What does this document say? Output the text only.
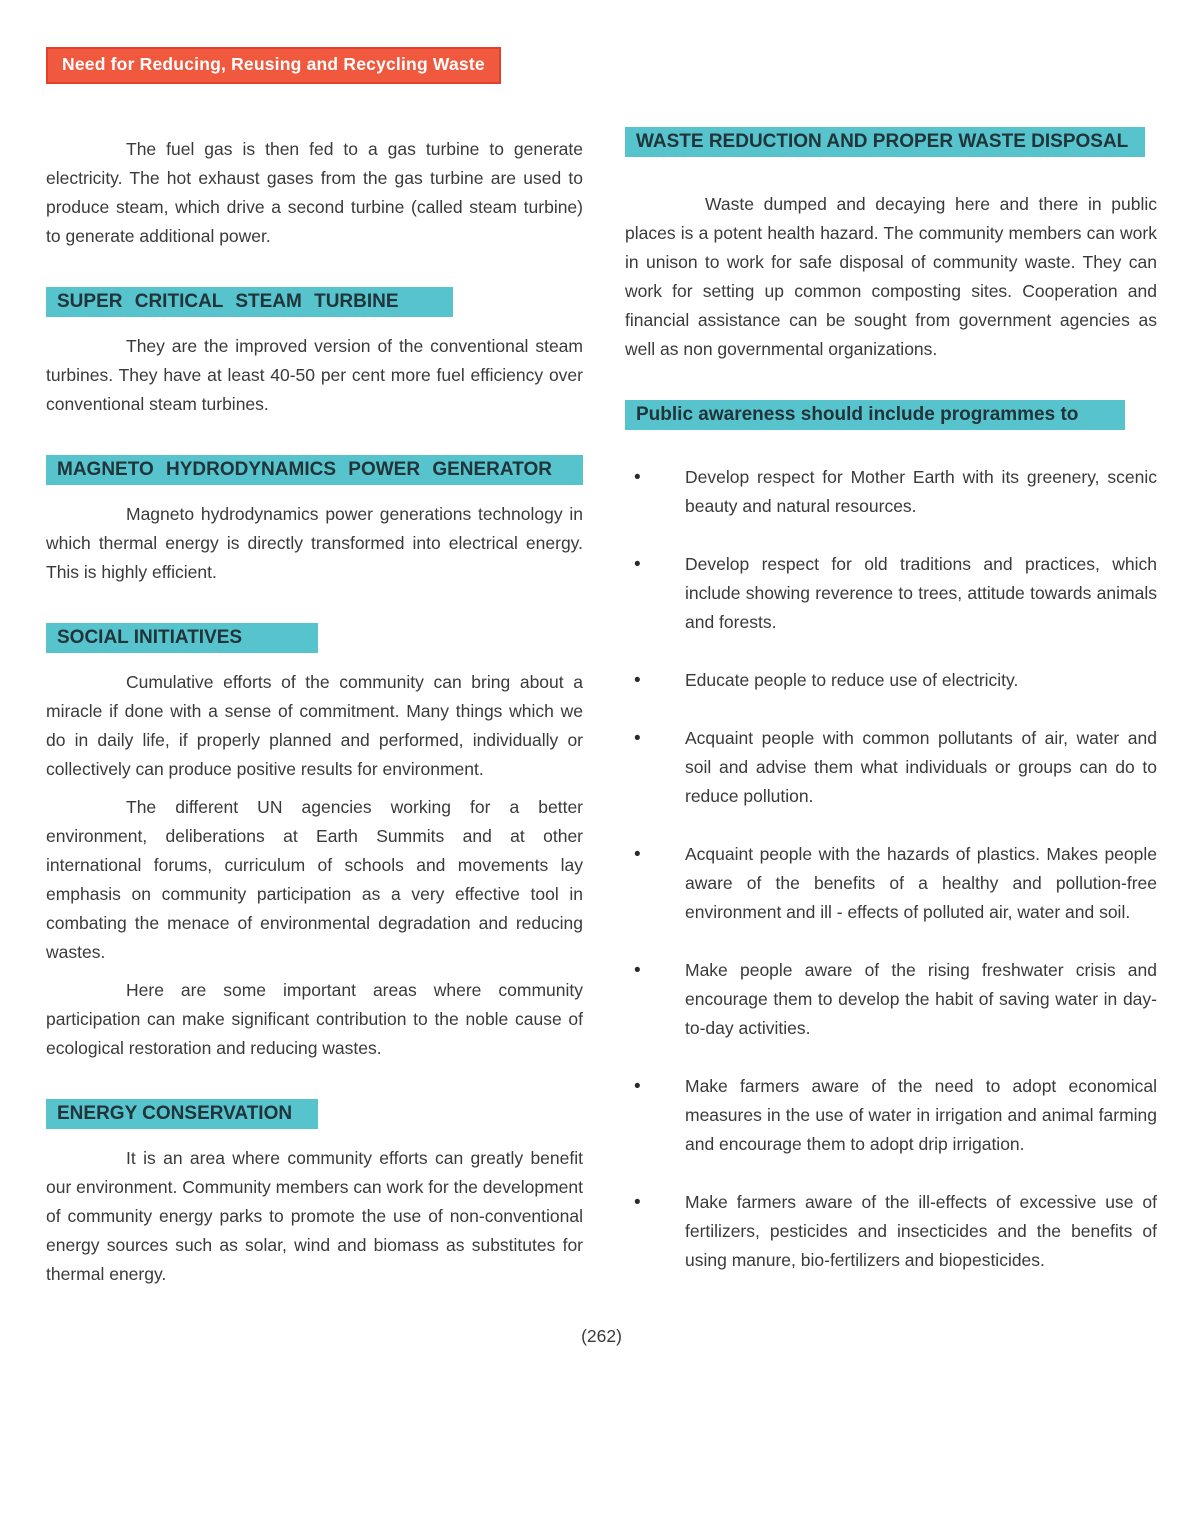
Need for Reducing, Reusing and Recycling Waste

The fuel gas is then fed to a gas turbine to generate electricity. The hot exhaust gases from the gas turbine are used to produce steam, which drive a second turbine (called steam turbine) to generate additional power.

SUPER CRITICAL STEAM TURBINE

They are the improved version of the conventional steam turbines. They have at least 40-50 per cent more fuel efficiency over conventional steam turbines.

MAGNETO HYDRODYNAMICS POWER GENERATOR

Magneto hydrodynamics power generations technology in which thermal energy is directly transformed into electrical energy. This is highly efficient.

SOCIAL INITIATIVES

Cumulative efforts of the community can bring about a miracle if done with a sense of commitment. Many things which we do in daily life, if properly planned and performed, individually or collectively can produce positive results for environment.

The different UN agencies working for a better environment, deliberations at Earth Summits and at other international forums, curriculum of schools and movements lay emphasis on community participation as a very effective tool in combating the menace of environmental degradation and reducing wastes.

Here are some important areas where community participation can make significant contribution to the noble cause of ecological restoration and reducing wastes.

ENERGY CONSERVATION

It is an area where community efforts can greatly benefit our environment. Community members can work for the development of community energy parks to promote the use of non-conventional energy sources such as solar, wind and biomass as substitutes for thermal energy.

WASTE REDUCTION AND PROPER WASTE DISPOSAL

Waste dumped and decaying here and there in public places is a potent health hazard. The community members can work in unison to work for safe disposal of community waste. They can work for setting up common composting sites. Cooperation and financial assistance can be sought from government agencies as well as non governmental organizations.

Public awareness should include programmes to
•	Develop respect for Mother Earth with its greenery, scenic beauty and natural resources.
•	Develop respect for old traditions and practices, which include showing reverence to trees, attitude towards animals and forests.
•	Educate people to reduce use of electricity.
•	Acquaint people with common pollutants of air, water and soil and advise them what individuals or groups can do to reduce pollution.
•	Acquaint people with the hazards of plastics. Makes people aware of the benefits of a healthy and pollution-free environment and ill - effects of polluted air, water and soil.
•	Make people aware of the rising freshwater crisis and encourage them to develop the habit of saving water in day-to-day activities.
•	Make farmers aware of the need to adopt economical measures in the use of water in irrigation and animal farming and encourage them to adopt drip irrigation.
•	Make farmers aware of the ill-effects of excessive use of fertilizers, pesticides and insecticides and the benefits of using manure, bio-fertilizers and biopesticides.
(262)
